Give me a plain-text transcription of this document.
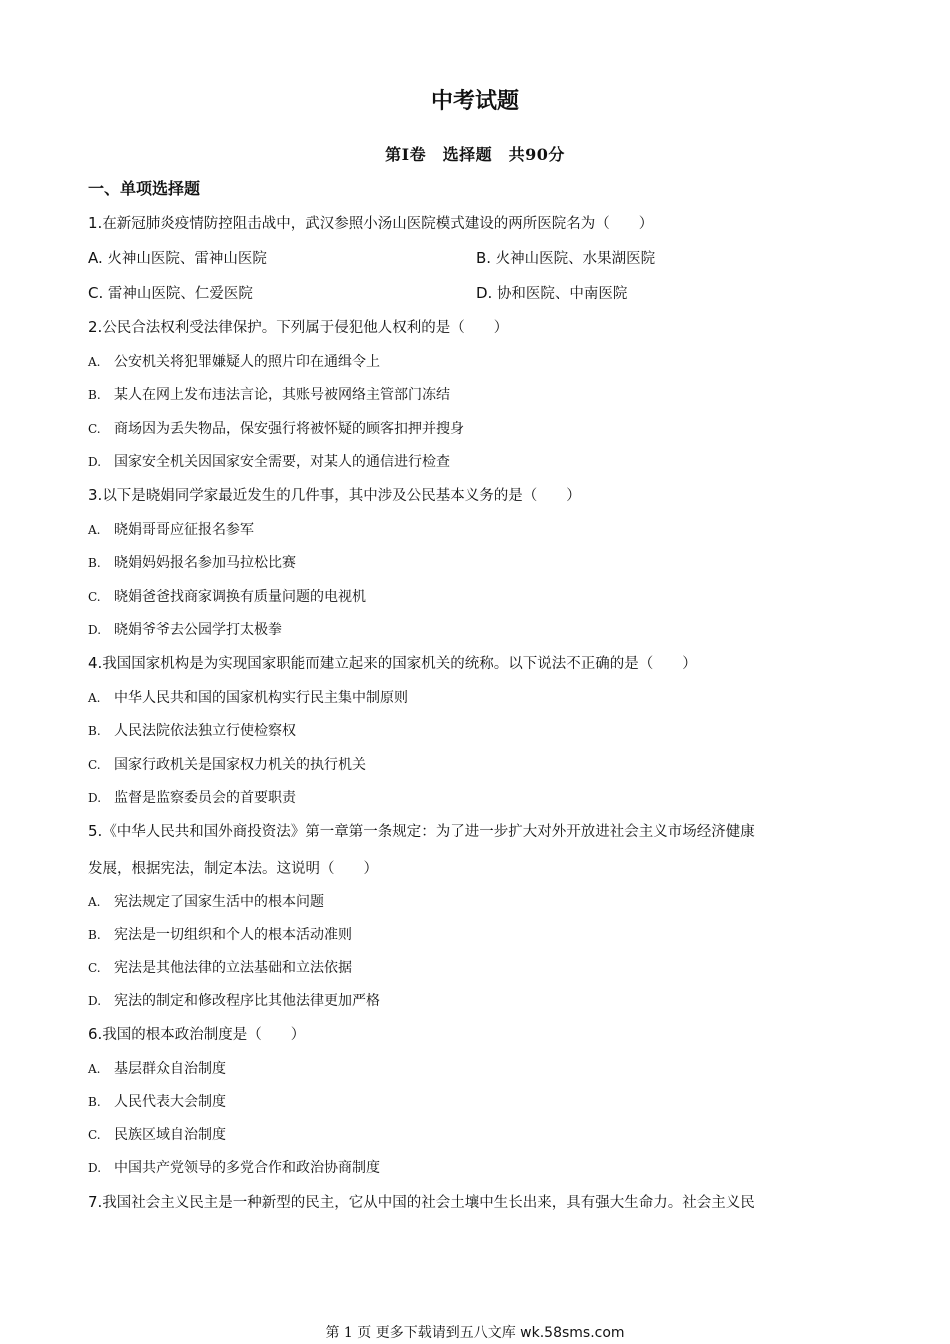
中考试题
第Ⅰ卷　选择题　共90分
一、单项选择题
1.在新冠肺炎疫情防控阻击战中，武汉参照小汤山医院模式建设的两所医院名为（　　）
A. 火神山医院、雷神山医院	B. 火神山医院、水果湖医院
C. 雷神山医院、仁爱医院	D. 协和医院、中南医院
2.公民合法权利受法律保护。下列属于侵犯他人权利的是（　　）
A. 公安机关将犯罪嫌疑人的照片印在通缉令上
B. 某人在网上发布违法言论，其账号被网络主管部门冻结
C. 商场因为丢失物品，保安强行将被怀疑的顾客扣押并搜身
D. 国家安全机关因国家安全需要，对某人的通信进行检查
3.以下是晓娟同学家最近发生的几件事，其中涉及公民基本义务的是（　　）
A. 晓娟哥哥应征报名参军
B. 晓娟妈妈报名参加马拉松比赛
C. 晓娟爸爸找商家调换有质量问题的电视机
D. 晓娟爷爷去公园学打太极拳
4.我国国家机构是为实现国家职能而建立起来的国家机关的统称。以下说法不正确的是（　　）
A. 中华人民共和国的国家机构实行民主集中制原则
B. 人民法院依法独立行使检察权
C. 国家行政机关是国家权力机关的执行机关
D. 监督是监察委员会的首要职责
5.《中华人民共和国外商投资法》第一章第一条规定：为了进一步扩大对外开放进社会主义市场经济健康
发展，根据宪法，制定本法。这说明（　　）
A. 宪法规定了国家生活中的根本问题
B. 宪法是一切组织和个人的根本活动准则
C. 宪法是其他法律的立法基础和立法依据
D. 宪法的制定和修改程序比其他法律更加严格
6.我国的根本政治制度是（　　）
A. 基层群众自治制度
B. 人民代表大会制度
C. 民族区域自治制度
D. 中国共产党领导的多党合作和政治协商制度
7.我国社会主义民主是一种新型的民主，它从中国的社会土壤中生长出来，具有强大生命力。社会主义民
第 1 页 更多下载请到五八文库 wk.58sms.com
